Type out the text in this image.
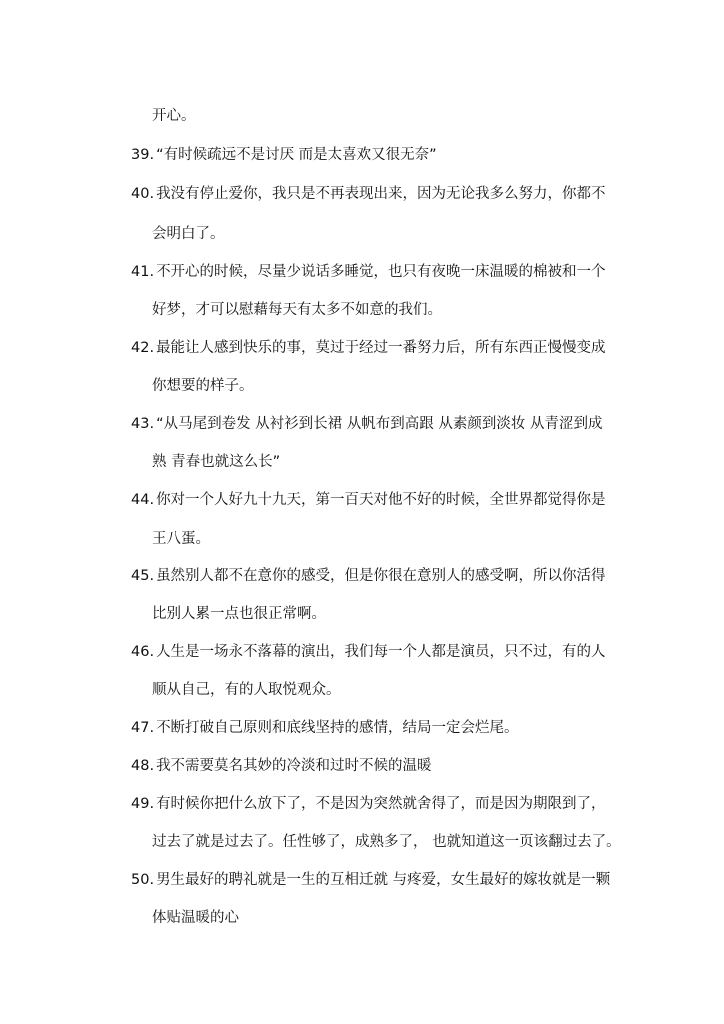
开心。
39. “有时候疏远不是讨厌 而是太喜欢又很无奈”
40. 我没有停止爱你，我只是不再表现出来，因为无论我多么努力，你都不
会明白了。
41. 不开心的时候，尽量少说话多睡觉，也只有夜晚一床温暖的棉被和一个
好梦，才可以慰藉每天有太多不如意的我们。
42. 最能让人感到快乐的事，莫过于经过一番努力后，所有东西正慢慢变成
你想要的样子。
43. “从马尾到卷发 从衬衫到长裙 从帆布到高跟 从素颜到淡妆 从青涩到成
熟 青春也就这么长”
44. 你对一个人好九十九天，第一百天对他不好的时候，全世界都觉得你是
王八蛋。
45. 虽然别人都不在意你的感受，但是你很在意别人的感受啊，所以你活得
比别人累一点也很正常啊。
46. 人生是一场永不落幕的演出，我们每一个人都是演员，只不过，有的人
顺从自己，有的人取悦观众。
47. 不断打破自己原则和底线坚持的感情，结局一定会烂尾。
48. 我不需要莫名其妙的冷淡和过时不候的温暖
49. 有时候你把什么放下了，不是因为突然就舍得了，而是因为期限到了，
过去了就是过去了。任性够了，成熟多了， 也就知道这一页该翻过去了。
50. 男生最好的聘礼就是一生的互相迁就 与疼爱，女生最好的嫁妆就是一颗
体贴温暖的心
